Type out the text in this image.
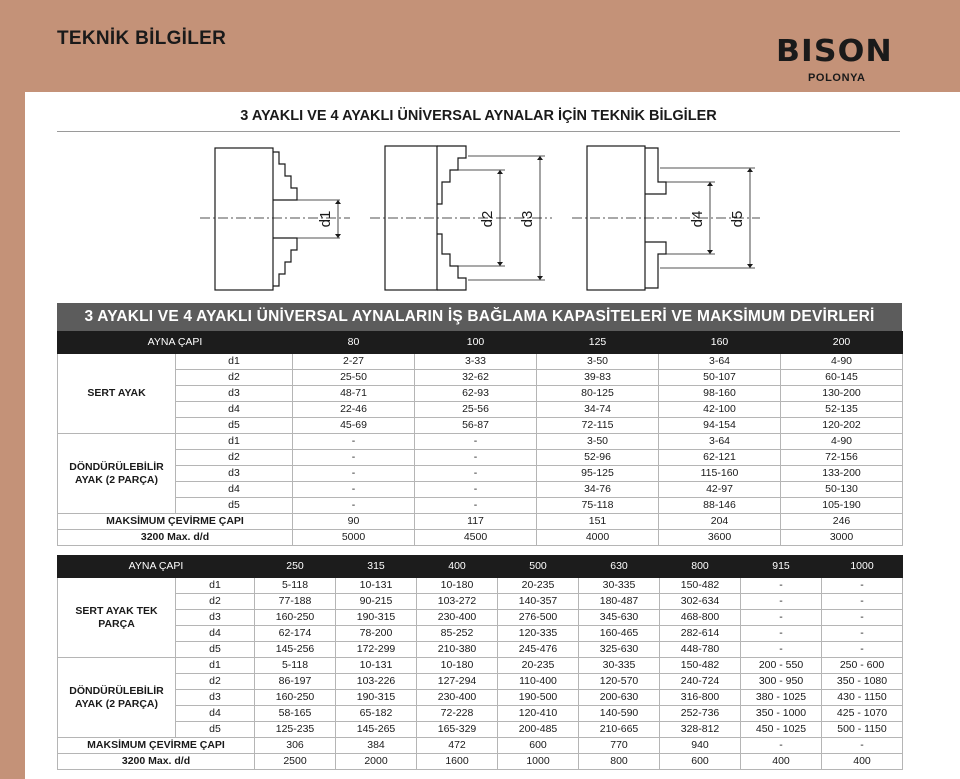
TEKNİK BİLGİLER	BISON
POLONYA
3 AYAKLI VE 4 AYAKLI ÜNİVERSAL AYNALAR İÇİN TEKNİK BİLGİLER
d1	d2 d3	d4 d5
3 AYAKLI VE 4 AYAKLI ÜNİVERSAL AYNALARIN İŞ BAĞLAMA KAPASİTELERİ VE MAKSİMUM DEVİRLERİ
AYNA ÇAPI		80	100	125	160	200
SERT AYAK	d1	2-27	3-33	3-50	3-64	4-90
	d2	25-50	32-62	39-83	50-107	60-145
	d3	48-71	62-93	80-125	98-160	130-200
	d4	22-46	25-56	34-74	42-100	52-135
	d5	45-69	56-87	72-115	94-154	120-202
DÖNDÜRÜLEBİLİR AYAK (2 PARÇA)	d1	-	-	3-50	3-64	4-90
	d2	-	-	52-96	62-121	72-156
	d3	-	-	95-125	115-160	133-200
	d4	-	-	34-76	42-97	50-130
	d5	-	-	75-118	88-146	105-190
MAKSİMUM ÇEVİRME ÇAPI		90	117	151	204	246
3200 Max. d/d		5000	4500	4000	3600	3000
AYNA ÇAPI		250	315	400	500	630	800	915	1000
SERT AYAK TEK PARÇA	d1	5-118	10-131	10-180	20-235	30-335	150-482	-	-
	d2	77-188	90-215	103-272	140-357	180-487	302-634	-	-
	d3	160-250	190-315	230-400	276-500	345-630	468-800	-	-
	d4	62-174	78-200	85-252	120-335	160-465	282-614	-	-
	d5	145-256	172-299	210-380	245-476	325-630	448-780	-	-
DÖNDÜRÜLEBİLİR AYAK (2 PARÇA)	d1	5-118	10-131	10-180	20-235	30-335	150-482	200 - 550	250 - 600
	d2	86-197	103-226	127-294	110-400	120-570	240-724	300 - 950	350 - 1080
	d3	160-250	190-315	230-400	190-500	200-630	316-800	380 - 1025	430 - 1150
	d4	58-165	65-182	72-228	120-410	140-590	252-736	350 - 1000	425 - 1070
	d5	125-235	145-265	165-329	200-485	210-665	328-812	450 - 1025	500 - 1150
MAKSİMUM ÇEVİRME ÇAPI		306	384	472	600	770	940	-	-
3200 Max. d/d		2500	2000	1600	1000	800	600	400	400
